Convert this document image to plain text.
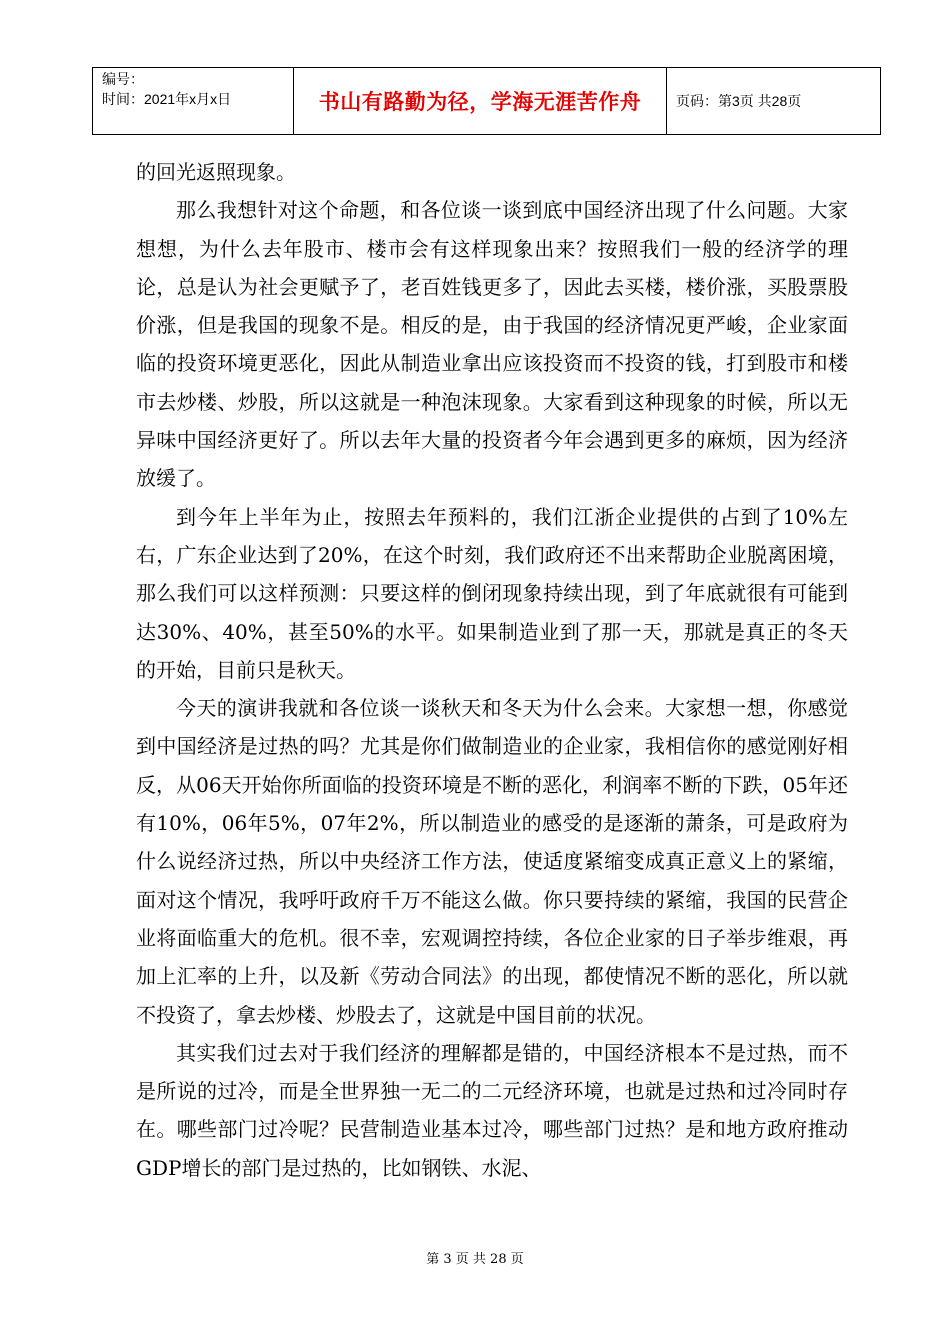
编号：
时间：2021年x月x日	书山有路勤为径，学海无涯苦作舟	页码：第3页 共28页

的回光返照现象。

那么我想针对这个命题，和各位谈一谈到底中国经济出现了什么问题。大家想想，为什么去年股市、楼市会有这样现象出来？按照我们一般的经济学的理论，总是认为社会更赋予了，老百姓钱更多了，因此去买楼，楼价涨，买股票股价涨，但是我国的现象不是。相反的是，由于我国的经济情况更严峻，企业家面临的投资环境更恶化，因此从制造业拿出应该投资而不投资的钱，打到股市和楼市去炒楼、炒股，所以这就是一种泡沫现象。大家看到这种现象的时候，所以无异味中国经济更好了。所以去年大量的投资者今年会遇到更多的麻烦，因为经济放缓了。

到今年上半年为止，按照去年预料的，我们江浙企业提供的占到了10%左右，广东企业达到了20%，在这个时刻，我们政府还不出来帮助企业脱离困境，那么我们可以这样预测：只要这样的倒闭现象持续出现，到了年底就很有可能到达30%、40%，甚至50%的水平。如果制造业到了那一天，那就是真正的冬天的开始，目前只是秋天。

今天的演讲我就和各位谈一谈秋天和冬天为什么会来。大家想一想，你感觉到中国经济是过热的吗？尤其是你们做制造业的企业家，我相信你的感觉刚好相反，从06天开始你所面临的投资环境是不断的恶化，利润率不断的下跌，05年还有10%，06年5%，07年2%，所以制造业的感受的是逐渐的萧条，可是政府为什么说经济过热，所以中央经济工作方法，使适度紧缩变成真正意义上的紧缩，面对这个情况，我呼吁政府千万不能这么做。你只要持续的紧缩，我国的民营企业将面临重大的危机。很不幸，宏观调控持续，各位企业家的日子举步维艰，再加上汇率的上升，以及新《劳动合同法》的出现，都使情况不断的恶化，所以就不投资了，拿去炒楼、炒股去了，这就是中国目前的状况。

其实我们过去对于我们经济的理解都是错的，中国经济根本不是过热，而不是所说的过冷，而是全世界独一无二的二元经济环境，也就是过热和过冷同时存在。哪些部门过冷呢？民营制造业基本过冷，哪些部门过热？是和地方政府推动GDP增长的部门是过热的，比如钢铁、水泥、

第 3 页 共 28 页
